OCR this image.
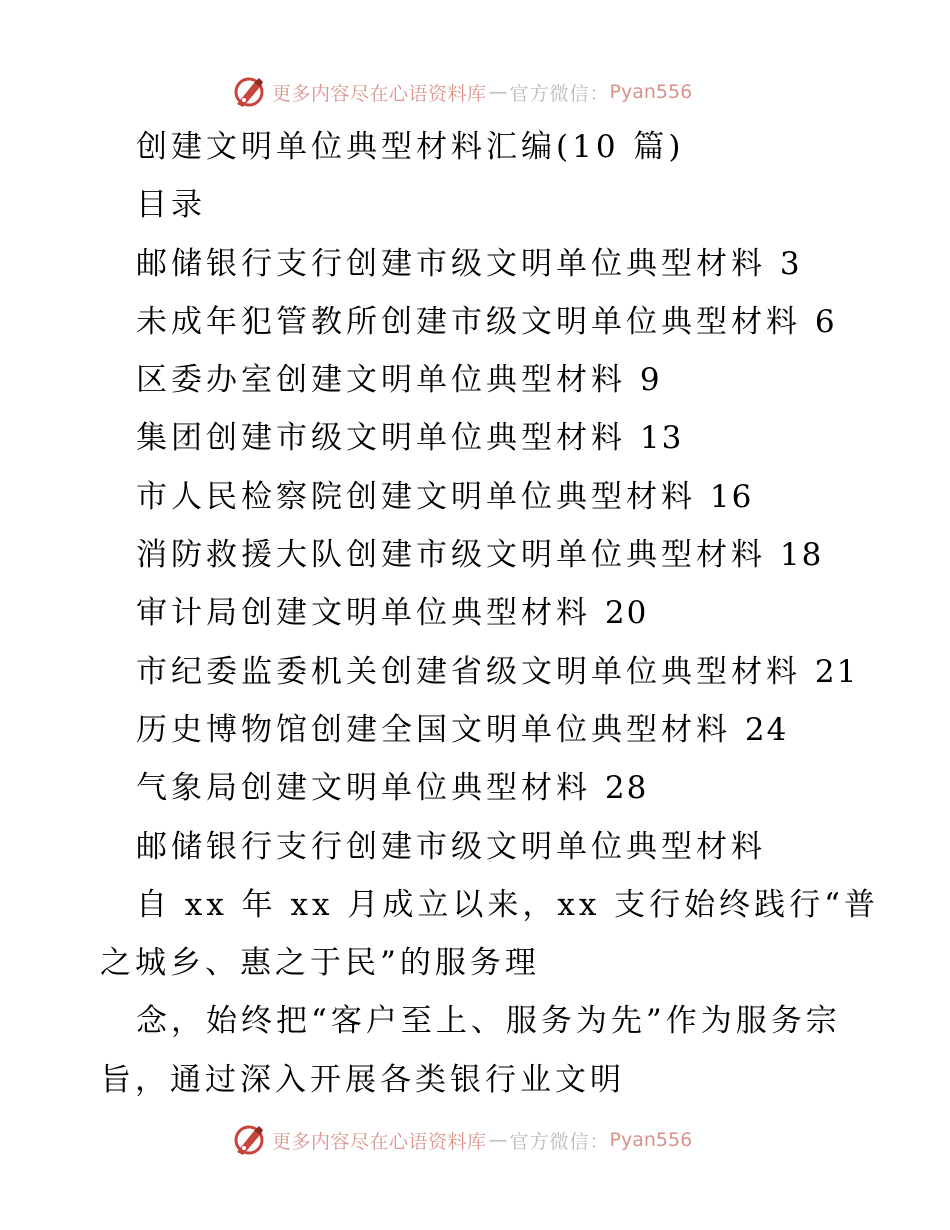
更多内容尽在心语资料库 — 官方微信： Pyan556
创建文明单位典型材料汇编(10 篇)
目录
邮储银行支行创建市级文明单位典型材料 3
未成年犯管教所创建市级文明单位典型材料 6
区委办室创建文明单位典型材料 9
集团创建市级文明单位典型材料 13
市人民检察院创建文明单位典型材料 16
消防救援大队创建市级文明单位典型材料 18
审计局创建文明单位典型材料 20
市纪委监委机关创建省级文明单位典型材料 21
历史博物馆创建全国文明单位典型材料 24
气象局创建文明单位典型材料 28
邮储银行支行创建市级文明单位典型材料
自 xx 年 xx 月成立以来，xx 支行始终践行“普
之城乡、惠之于民”的服务理
念，始终把“客户至上、服务为先”作为服务宗
旨，通过深入开展各类银行业文明
更多内容尽在心语资料库 — 官方微信： Pyan556
